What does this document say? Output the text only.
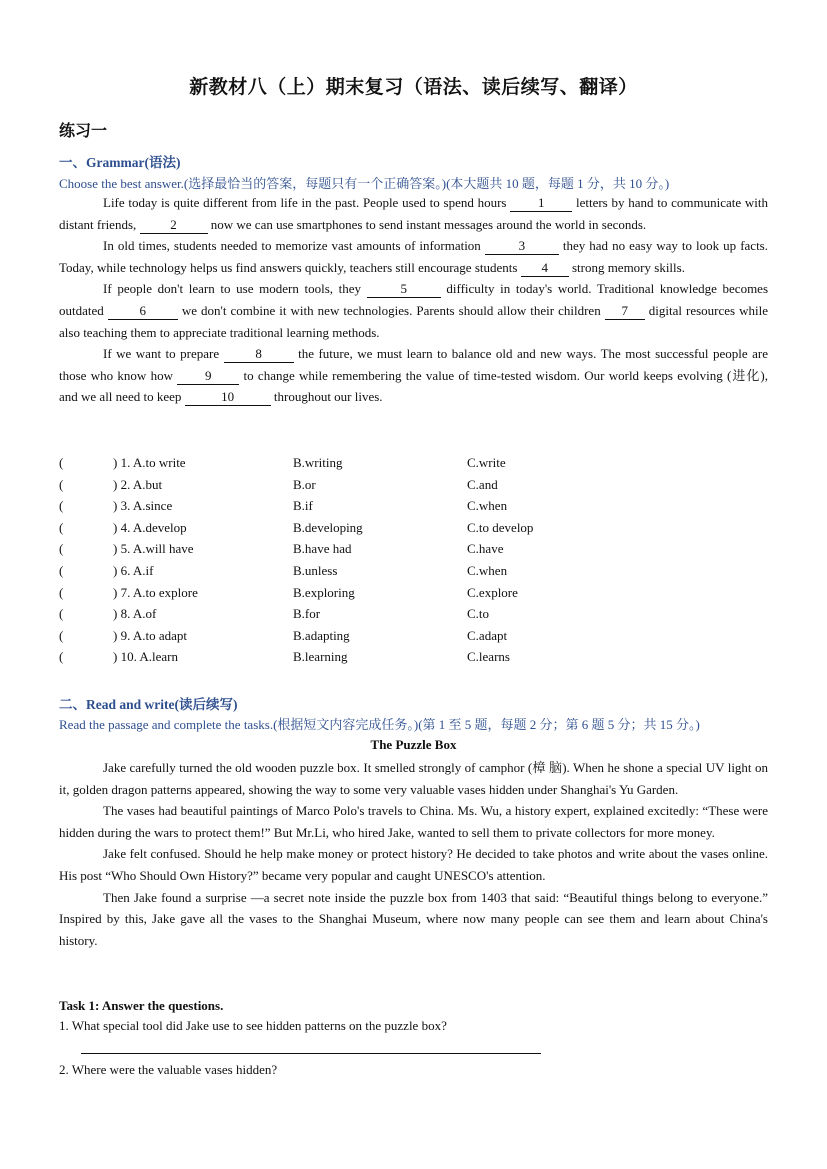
新教材八（上）期末复习（语法、读后续写、翻译）
练习一
一、Grammar(语法)
Choose the best answer.(选择最恰当的答案，每题只有一个正确答案。)(本大题共 10 题，每题 1 分，共 10 分。)

Life today is quite different from life in the past. People used to spend hours 1 letters by hand to communicate with distant friends, 2 now we can use smartphones to send instant messages around the world in seconds.

In old times, students needed to memorize vast amounts of information	3	they had no easy way to look up facts. Today, while technology helps us find answers quickly, teachers still encourage students 4 strong memory skills.

If people don't learn to use modern tools, they	5	difficulty in today's world. Traditional knowledge becomes outdated 6 we don't combine it with new technologies. Parents should allow their children 7 digital resources while also teaching them to appreciate traditional learning methods.

If we want to prepare 8 the future, we must learn to balance old and new ways. The most successful people are those who know how 9 to change while remembering the value of time-tested wisdom. Our world keeps evolving (进化), and we all need to keep	10	throughout our lives.

(	) 1. A.to write	B.writing	C.write
(	) 2. A.but	B.or	C.and
(	) 3. A.since	B.if	C.when
(	) 4. A.develop	B.developing	C.to develop
(	) 5. A.will have	B.have had	C.have
(	) 6. A.if	B.unless	C.when
(	) 7. A.to explore	B.exploring	C.explore
(	) 8. A.of	B.for	C.to
(	) 9. A.to adapt	B.adapting	C.adapt
(	) 10. A.learn	B.learning	C.learns
二、Read and write(读后续写)
Read the passage and complete the tasks.(根据短文内容完成任务。)(第 1 至 5 题，每题 2 分；第 6 题 5 分；共 15 分。)
The Puzzle Box

Jake carefully turned the old wooden puzzle box. It smelled strongly of camphor (樟 脑). When he shone a special UV light on it, golden dragon patterns appeared, showing the way to some very valuable vases hidden under Shanghai's Yu Garden.

The vases had beautiful paintings of Marco Polo's travels to China. Ms. Wu, a history expert, explained excitedly: “These were hidden during the wars to protect them!” But Mr.Li, who hired Jake, wanted to sell them to private collectors for more money.

Jake felt confused. Should he help make money or protect history? He decided to take photos and write about the vases online. His post “Who Should Own History?” became very popular and caught UNESCO's attention.

Then Jake found a surprise —a secret note inside the puzzle box from 1403 that said: “Beautiful things belong to everyone.” Inspired by this, Jake gave all the vases to the Shanghai Museum, where now many people can see them and learn about China's history.

Task 1: Answer the questions.
1. What special tool did Jake use to see hidden patterns on the puzzle box?
2. Where were the valuable vases hidden?
